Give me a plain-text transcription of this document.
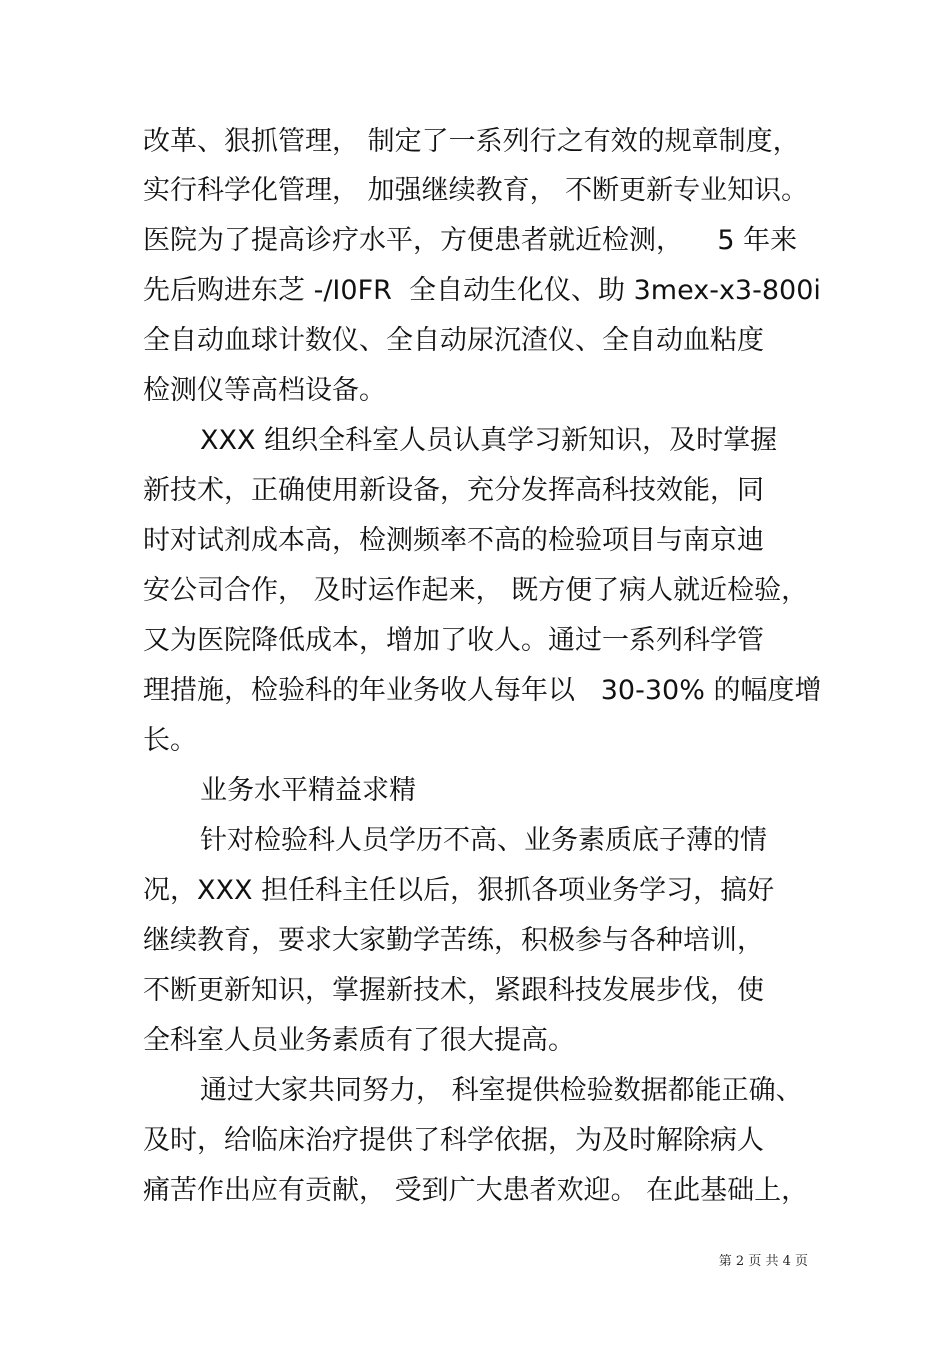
改革、狠抓管理， 制定了一系列行之有效的规章制度，
实行科学化管理， 加强继续教育， 不断更新专业知识。
医院为了提高诊疗水平，方便患者就近检测，    5 年来
先后购进东芝 -/I0FR  全自动生化仪、助 3mex-x3-800i
全自动血球计数仪、全自动尿沉渣仪、全自动血粘度
检测仪等高档设备。
XXX 组织全科室人员认真学习新知识，及时掌握
新技术，正确使用新设备，充分发挥高科技效能，同
时对试剂成本高，检测频率不高的检验项目与南京迪
安公司合作， 及时运作起来， 既方便了病人就近检验，
又为医院降低成本，增加了收人。通过一系列科学管
理措施，检验科的年业务收人每年以   30-30% 的幅度增
长。
业务水平精益求精
针对检验科人员学历不高、业务素质底子薄的情
况，XXX 担任科主任以后，狠抓各项业务学习，搞好
继续教育，要求大家勤学苦练，积极参与各种培训，
不断更新知识，掌握新技术，紧跟科技发展步伐，使
全科室人员业务素质有了很大提高。
通过大家共同努力， 科室提供检验数据都能正确、
及时，给临床治疗提供了科学依据，为及时解除病人
痛苦作出应有贡献， 受到广大患者欢迎。 在此基础上，
第 2 页 共 4 页
